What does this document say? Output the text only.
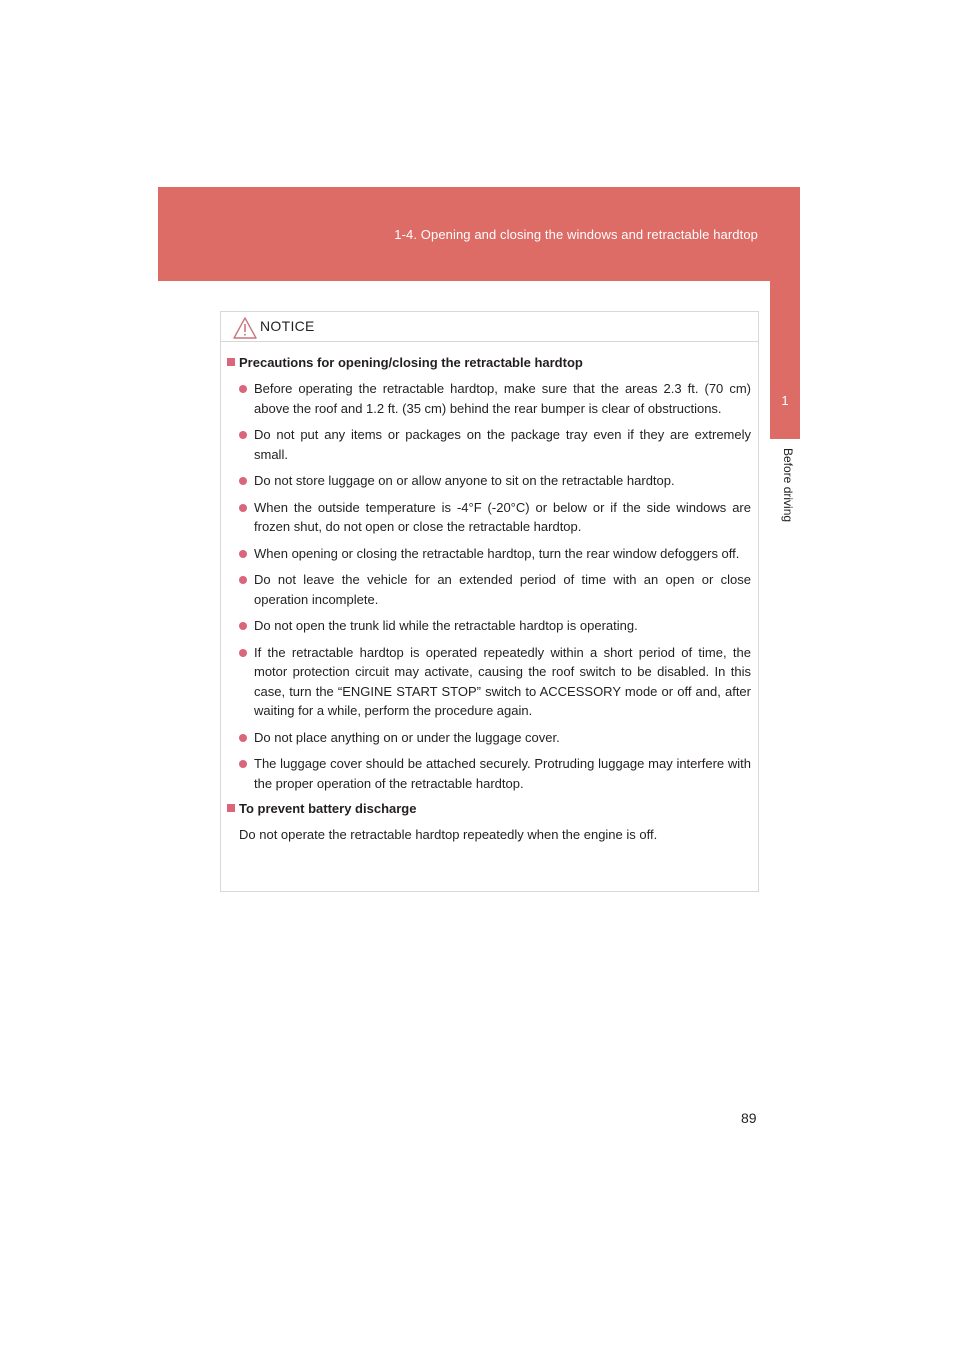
1-4. Opening and closing the windows and retractable hardtop
1
Before driving
NOTICE
Precautions for opening/closing the retractable hardtop
Before operating the retractable hardtop, make sure that the areas 2.3 ft. (70 cm) above the roof and 1.2 ft. (35 cm) behind the rear bumper is clear of obstructions.
Do not put any items or packages on the package tray even if they are extremely small.
Do not store luggage on or allow anyone to sit on the retractable hardtop.
When the outside temperature is -4°F (-20°C) or below or if the side windows are frozen shut, do not open or close the retractable hardtop.
When opening or closing the retractable hardtop, turn the rear window defoggers off.
Do not leave the vehicle for an extended period of time with an open or close operation incomplete.
Do not open the trunk lid while the retractable hardtop is operating.
If the retractable hardtop is operated repeatedly within a short period of time, the motor protection circuit may activate, causing the roof switch to be disabled. In this case, turn the “ENGINE START STOP” switch to ACCESSORY mode or off and, after waiting for a while, perform the procedure again.
Do not place anything on or under the luggage cover.
The luggage cover should be attached securely. Protruding luggage may interfere with the proper operation of the retractable hardtop.
To prevent battery discharge
Do not operate the retractable hardtop repeatedly when the engine is off.
89
